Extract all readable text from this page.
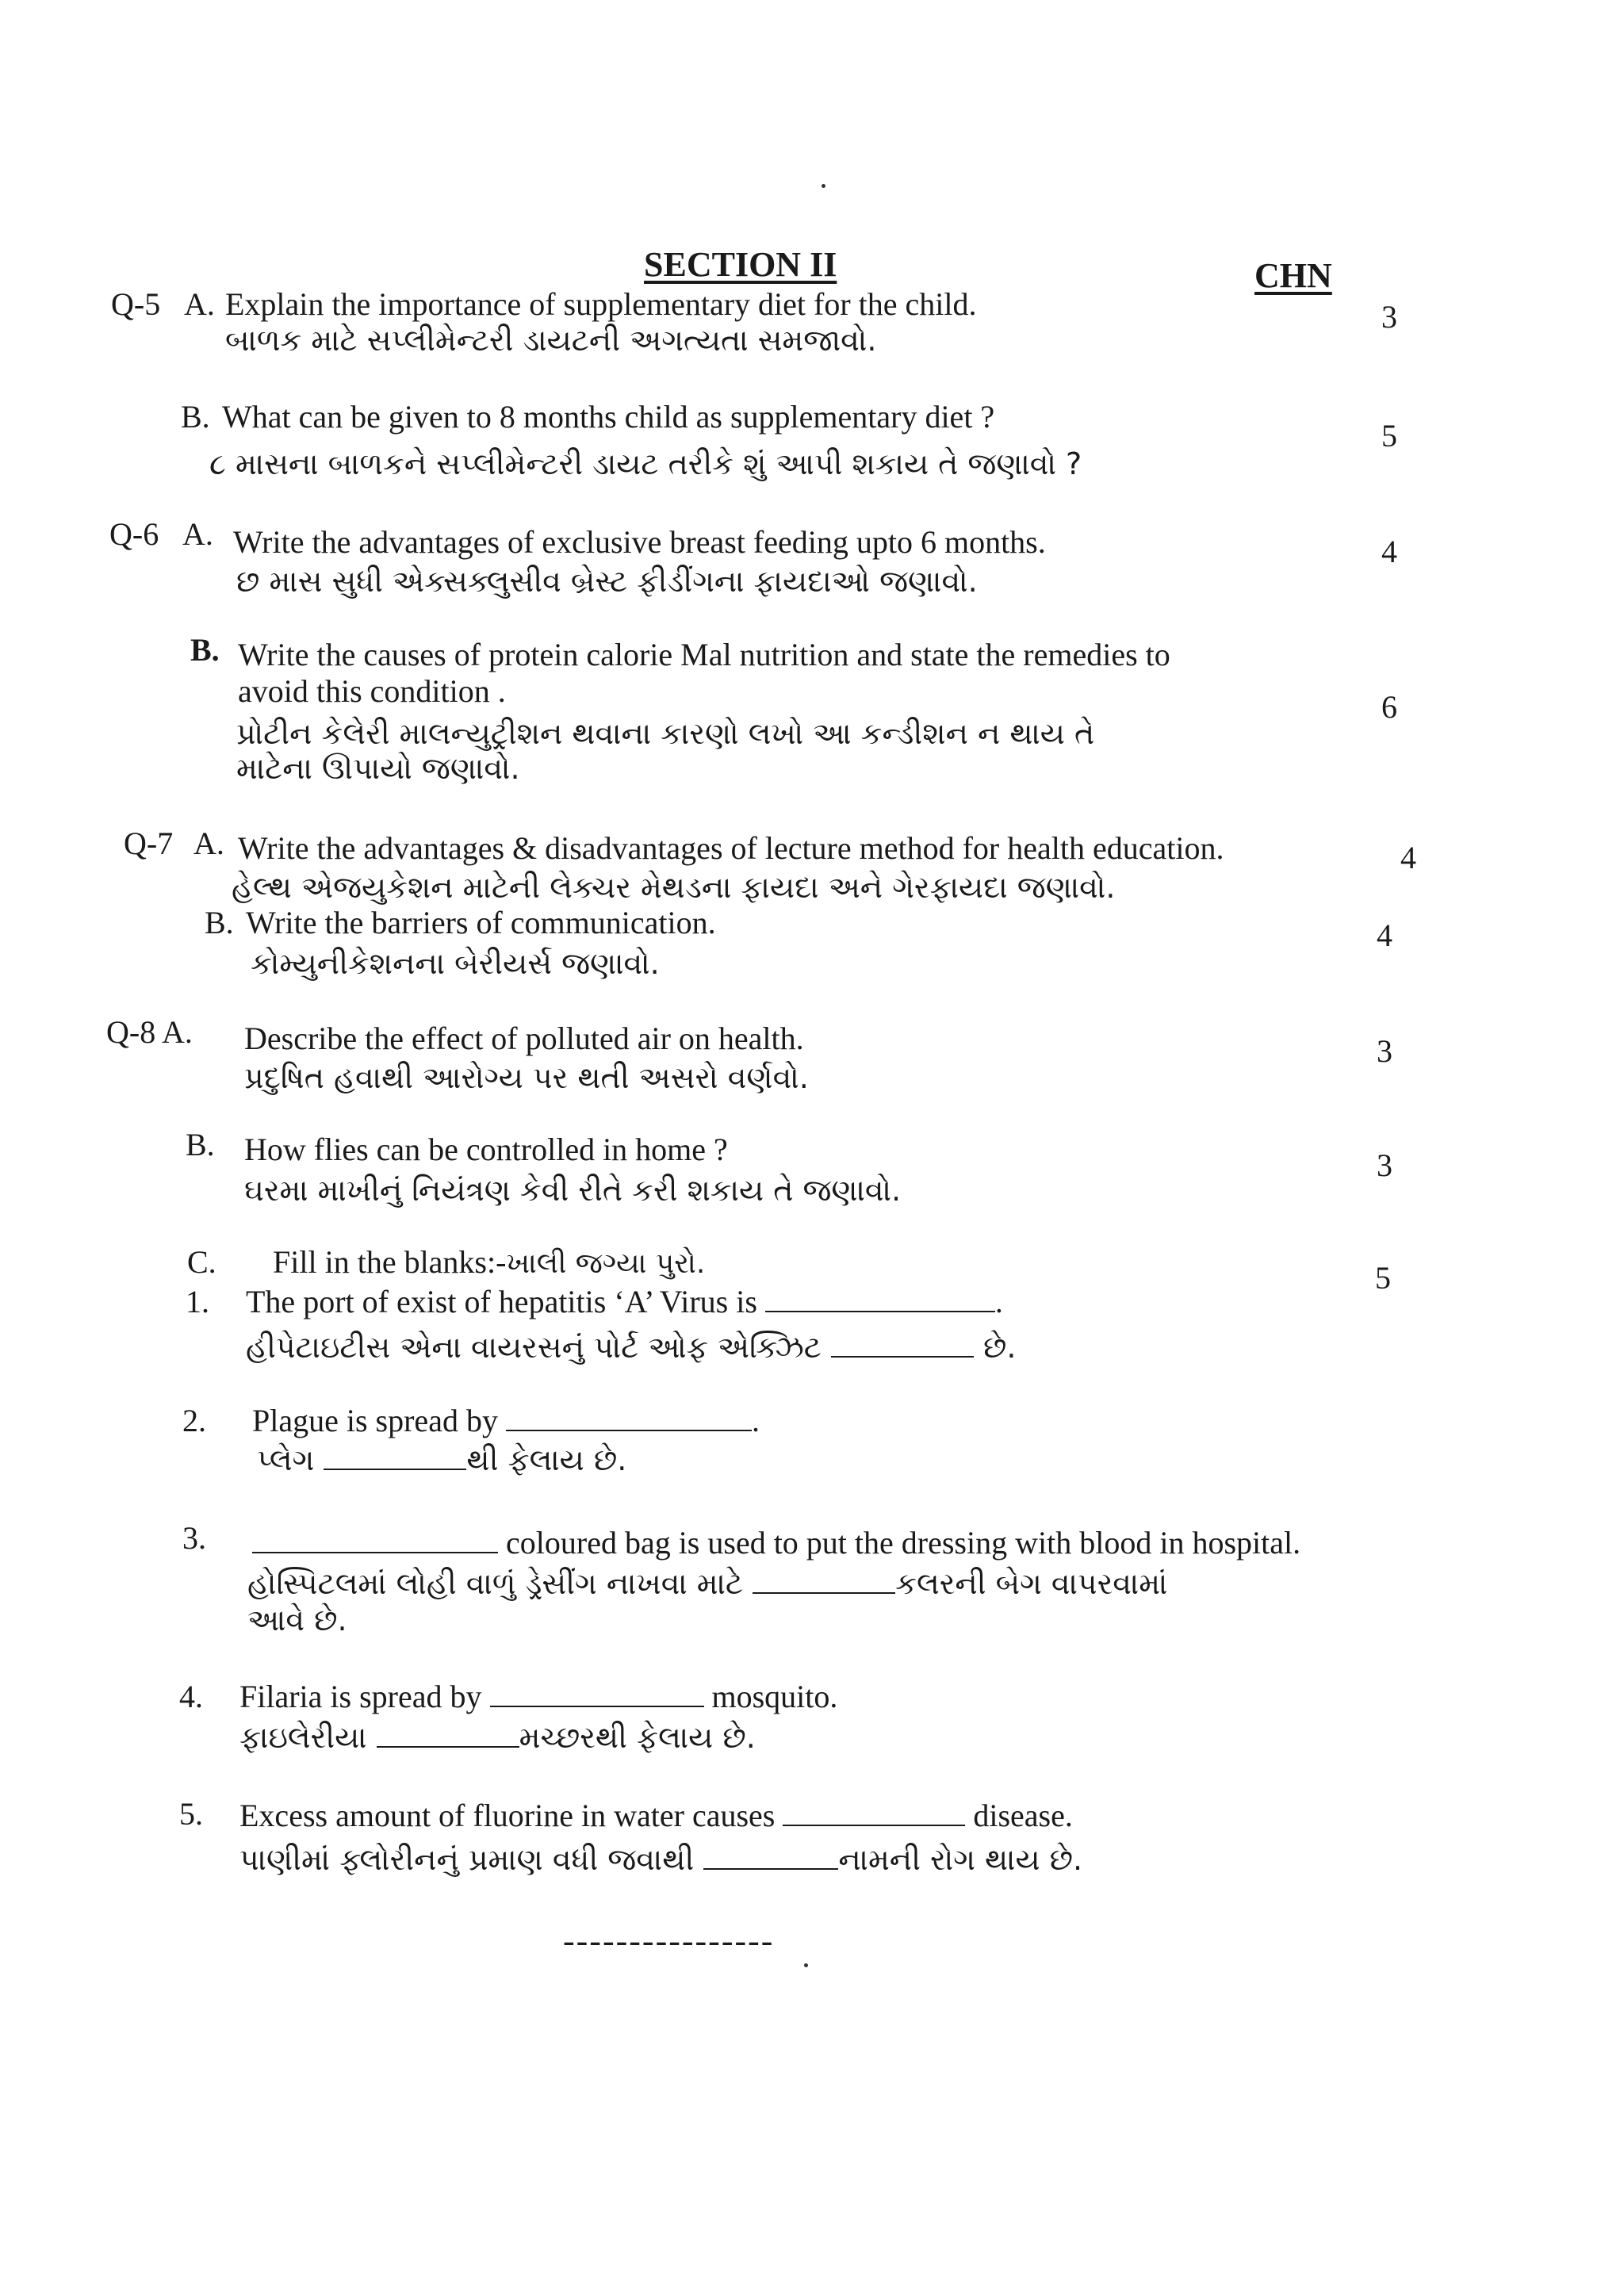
SECTION II	CHN
Q-5 A. Explain the importance of supplementary diet for the child.
બાળક માટે સપ્લીમેન્ટરી ડાયટની અગત્યતા સમજાવો.
3
B. What can be given to 8 months child as supplementary diet ?
૮ માસના બાળકને સપ્લીમેન્ટરી ડાયટ તરીકે શું આપી શકાય તે જણાવો ?
5
Q-6 A. Write the advantages of exclusive breast feeding upto 6 months.
છ માસ સુધી એક્સક્લુસીવ બ્રેસ્ટ ફીડીંગના ફાયદાઓ જણાવો.
4
B. Write the causes of protein calorie Mal nutrition and state the remedies to
avoid this condition .
પ્રોટીન કેલેરી માલન્યુટ્રીશન થવાના કારણો લખો આ કન્ડીશન ન થાય તે
માટેના ઊપાયો જણાવો.
6
Q-7 A. Write the advantages & disadvantages of lecture method for health education.
હેલ્થ એજયુકેશન માટેની લેક્ચર મેથડના ફાયદા અને ગેરફાયદા જણાવો.
4
B. Write the barriers of communication.
કોમ્યુનીકેશનના બેરીયર્સ જણાવો.
4
Q-8 A. Describe the effect of polluted air on health.
પ્રદુષિત હવાથી આરોગ્ય પર થતી અસરો વર્ણવો.
3
B. How flies can be controlled in home ?
ઘરમા માખીનું નિયંત્રણ કેવી રીતે કરી શકાય તે જણાવો.
3
C. Fill in the blanks:-ખાલી જગ્યા પુરો.	5
1. The port of exist of hepatitis ‘A’ Virus is	.
હીપેટાઇટીસ એના વાયરસનું પોર્ટ ઓફ એક્ઝિટ	છે.
2. Plague is spread by	.
પ્લેગ	થી ફેલાય છે.
3.	coloured bag is used to put the dressing with blood in hospital.
હોસ્પિટલમાં લોહી વાળું ડ્રેસીંગ નાખવા માટે	કલરની બેગ વાપરવામાં
આવે છે.
4. Filaria is spread by	mosquito.
ફાઇલેરીયા	મચ્છરથી ફેલાય છે.
5. Excess amount of fluorine in water causes	disease.
પાણીમાં ફ્લોરીનનું પ્રમાણ વધી જવાથી	નામની રોગ થાય છે.
----------------
